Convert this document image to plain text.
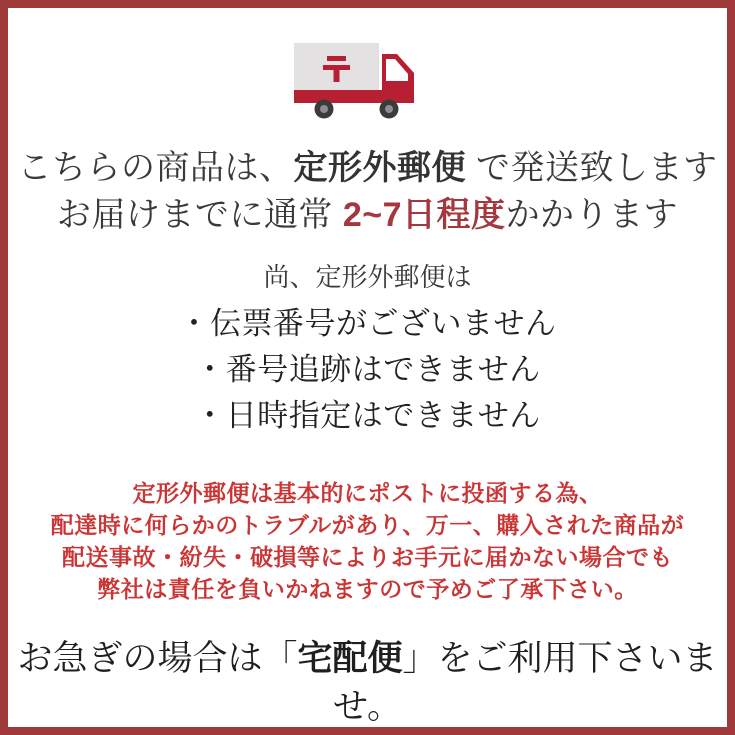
こちらの商品は、定形外郵便 で発送致します
お届けまでに通常 2~7日程度かかります

尚、定形外郵便は

・伝票番号がございません
・番号追跡はできません
・日時指定はできません
定形外郵便は基本的にポストに投函する為、
配達時に何らかのトラブルがあり、万一、購入された商品が
配送事故・紛失・破損等によりお手元に届かない場合でも
弊社は責任を負いかねますので予めご了承下さい。

お急ぎの場合は「宅配便」をご利用下さいませ。
